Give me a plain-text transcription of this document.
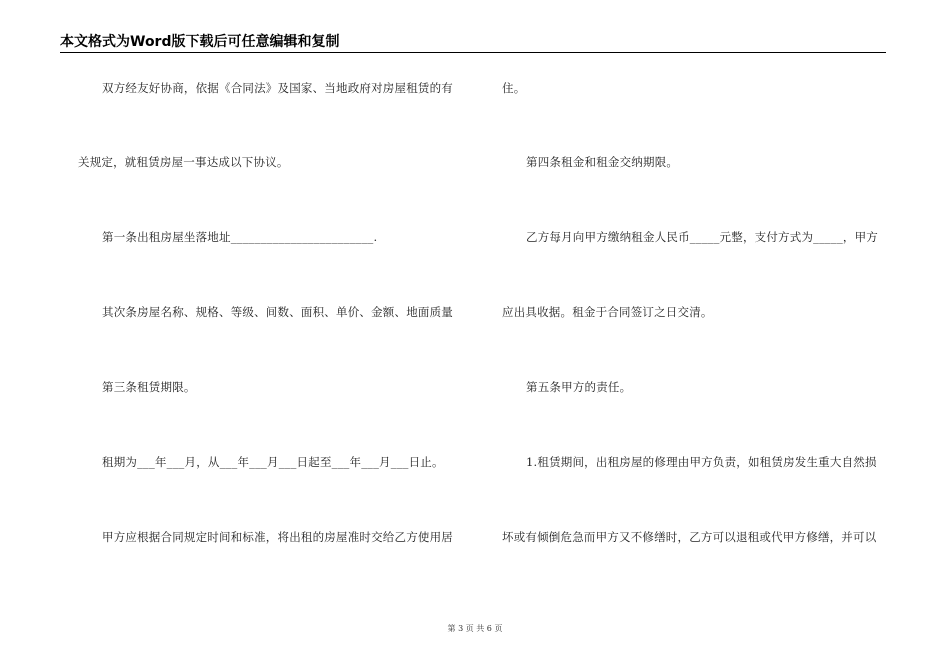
本文格式为Word版下载后可任意编辑和复制
双方经友好协商，依据《合同法》及国家、当地政府对房屋租赁的有
关规定，就租赁房屋一事达成以下协议。
第一条出租房屋坐落地址________________________.
其次条房屋名称、规格、等级、间数、面积、单价、金额、地面质量
第三条租赁期限。
租期为___年___月，从___年___月___日起至___年___月___日止。
甲方应根据合同规定时间和标准，将出租的房屋准时交给乙方使用居
住。
第四条租金和租金交纳期限。
乙方每月向甲方缴纳租金人民币_____元整，支付方式为_____，甲方
应出具收据。租金于合同签订之日交清。
第五条甲方的责任。
1.租赁期间，出租房屋的修理由甲方负责，如租赁房发生重大自然损
坏或有倾倒危急而甲方又不修缮时，乙方可以退租或代甲方修缮，并可以
第 3 页 共 6 页
